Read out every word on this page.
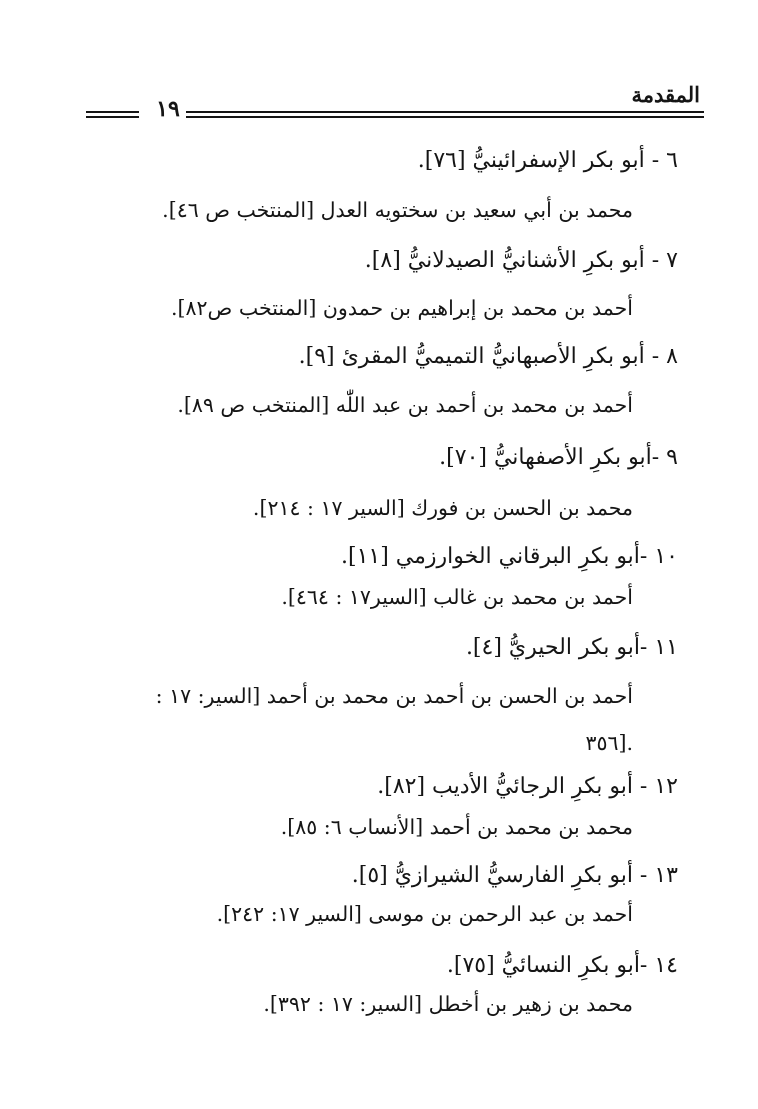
المقدمة
١٩
٦ - أبو بكر الإسفرائينيُّ [٧٦].
محمد بن أبي سعيد بن سختويه العدل [المنتخب ص ٤٦].
٧ - أبو بكرِ الأشنانيُّ الصيدلانيُّ [٨].
أحمد بن محمد بن إبراهيم بن حمدون [المنتخب ص٨٢].
٨ - أبو بكرِ الأصبهانيُّ التميميُّ المقرئ [٩].
أحمد بن محمد بن أحمد بن عبد اللّٰه [المنتخب ص ٨٩].
٩ -أبو بكرِ الأصفهانيُّ [٧٠].
محمد بن الحسن بن فورك [السير ١٧ : ٢١٤].
١٠ -أبو بكرِ البرقاني الخوارزمي [١١].
أحمد بن محمد بن غالب [السير١٧ : ٤٦٤].
١١ -أبو بكر الحيريُّ [٤].
أحمد بن الحسن بن أحمد بن محمد بن أحمد [السير: ١٧ :
.[٣٥٦
١٢ - أبو بكرِ الرجائيُّ الأديب [٨٢].
محمد بن محمد بن أحمد [الأنساب ٦: ٨٥].
١٣ - أبو بكرِ الفارسيُّ الشيرازيُّ [٥].
أحمد بن عبد الرحمن بن موسى [السير ١٧: ٢٤٢].
١٤ -أبو بكرِ النسائيُّ [٧٥].
محمد بن زهير بن أخطل [السير: ١٧ : ٣٩٢].
